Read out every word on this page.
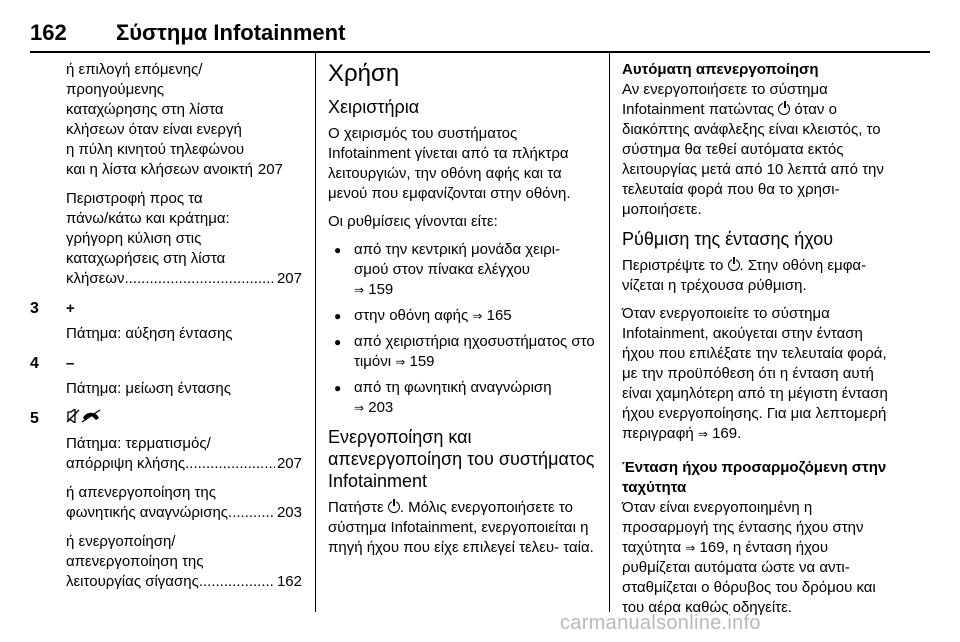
162 Σύστημα Infotainment

ή επιλογή επόμενης/

προηγούμενης

καταχώρησης στη λίστα

κλήσεων όταν είναι ενεργή

η πύλη κινητού τηλεφώνου

και η λίστα κλήσεων ανοικτή 207

Περιστροφή προς τα

πάνω/κάτω και κράτημα:

γρήγορη κύλιση στις

καταχωρήσεις στη λίστα

κλήσεων .....	207
3	+

Πάτημα: αύξηση έντασης

4	–

Πάτημα: μείωση έντασης

5

Πάτημα: τερματισμός/

απόρριψη κλήσης .....	207

ή απενεργοποίηση της

φωνητικής αναγνώρισης .....	203

ή ενεργοποίηση/

απενεργοποίηση της

λειτουργίας σίγασης .....	162
Χρήση
Χειριστήρια

Ο χειρισμός του συστήματος Infotainment γίνεται από τα πλήκτρα λειτουργιών, την οθόνη αφής και τα μενού που εμφανίζονται στην οθόνη.

Οι ρυθμίσεις γίνονται είτε:

● από την κεντρική μονάδα χειρι- σμού στον πίνακα ελέγχου
⇒ 159
● στην οθόνη αφής ⇒ 165
● από χειριστήρια ηχοσυστήματος στο τιμόνι ⇒ 159
● από τη φωνητική αναγνώριση
⇒ 203
Ενεργοποίηση και απενεργοποίηση του συστήματος Infotainment

Πατήστε . Μόλις ενεργοποιήσετε το σύστημα Infotainment, ενεργοποιείται η πηγή ήχου που είχε επιλεγεί τελευ- ταία.

Αυτόματη απενεργοποίηση

Αν ενεργοποιήσετε το σύστημα Infotainment πατώντας όταν ο διακόπτης ανάφλεξης είναι κλειστός, το σύστημα θα τεθεί αυτόματα εκτός λειτουργίας μετά από 10 λεπτά από την τελευταία φορά που θα το χρησι- μοποιήσετε.

Ρύθμιση της έντασης ήχου

Περιστρέψτε το . Στην οθόνη εμφα- νίζεται η τρέχουσα ρύθμιση.

Όταν ενεργοποιείτε το σύστημα Infotainment, ακούγεται στην ένταση ήχου που επιλέξατε την τελευταία φορά, με την προϋπόθεση ότι η ένταση αυτή είναι χαμηλότερη από τη μέγιστη ένταση ήχου ενεργοποίησης. Για μια λεπτομερή περιγραφή ⇒ 169.

Ένταση ήχου προσαρμοζόμενη στην ταχύτητα

Όταν είναι ενεργοποιημένη η προσαρμογή της έντασης ήχου στην ταχύτητα ⇒ 169, η ένταση ήχου ρυθμίζεται αυτόματα ώστε να αντι- σταθμίζεται ο θόρυβος του δρόμου και του αέρα καθώς οδηγείτε.

carmanualsonline.info
